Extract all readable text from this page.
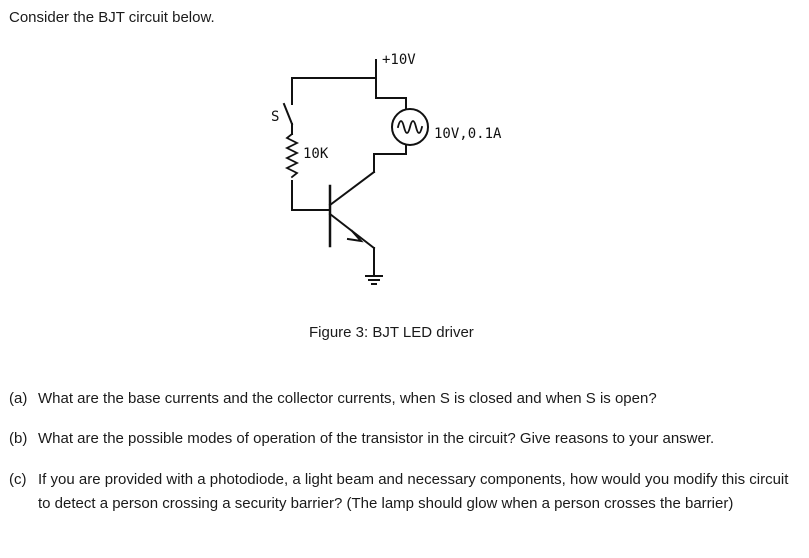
Consider the BJT circuit below.
+10V
S
10K
10V,0.1A
Figure 3: BJT LED driver
(a) What are the base currents and the collector currents, when S is closed and when S is open?
(b) What are the possible modes of operation of the transistor in the circuit? Give reasons to your answer.
(c) If you are provided with a photodiode, a light beam and necessary components, how would you modify this circuit to detect a person crossing a security barrier? (The lamp should glow when a person crosses the barrier)
